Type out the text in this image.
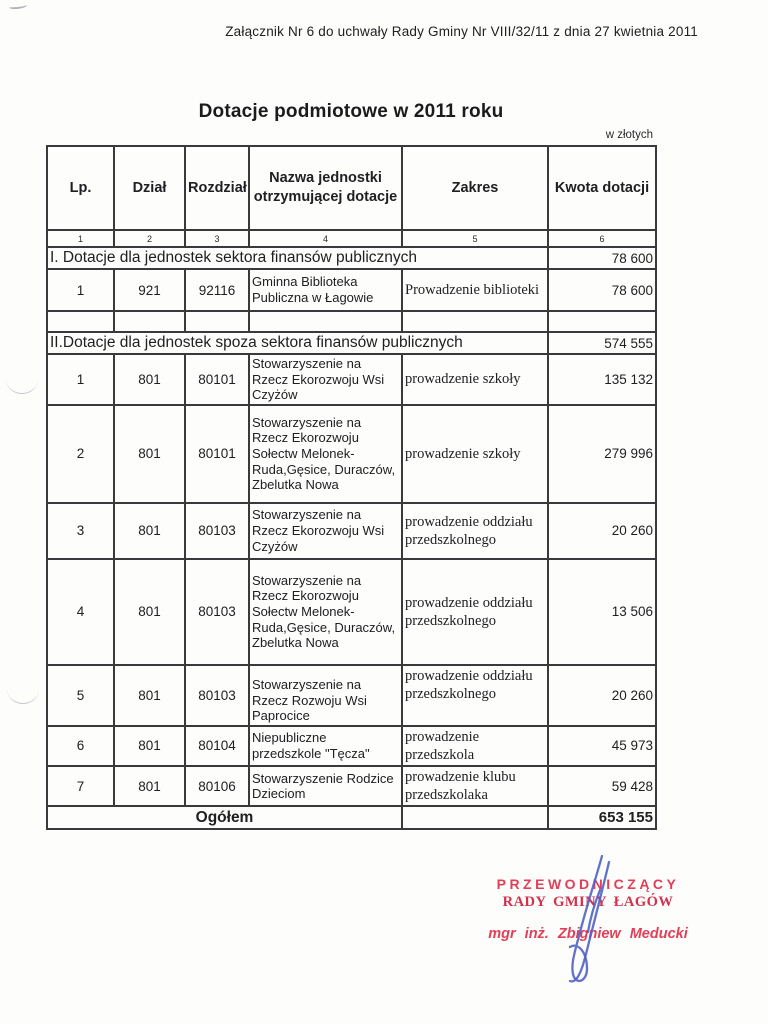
Załącznik Nr 6 do uchwały Rady Gminy Nr VIII/32/11 z dnia 27 kwietnia 2011
Dotacje podmiotowe w 2011 roku
w złotych
Lp.	Dział	Rozdział	Nazwa jednostki otrzymującej dotacje	Zakres	Kwota dotacji
1	2	3	4	5	6
I. Dotacje dla jednostek sektora finansów publicznych					78 600
1	921	92116	Gminna Biblioteka Publiczna w Łagowie	Prowadzenie biblioteki	78 600

II.Dotacje dla jednostek spoza sektora finansów publicznych					574 555
1	801	80101	Stowarzyszenie na Rzecz Ekorozwoju Wsi Czyżów	prowadzenie szkoły	135 132
2	801	80101	Stowarzyszenie na Rzecz Ekorozwoju Sołectw Melonek-Ruda,Gęsice, Duraczów, Zbelutka Nowa	prowadzenie szkoły	279 996
3	801	80103	Stowarzyszenie na Rzecz Ekorozwoju Wsi Czyżów	prowadzenie oddziału przedszkolnego	20 260
4	801	80103	Stowarzyszenie na Rzecz Ekorozwoju Sołectw Melonek-Ruda,Gęsice, Duraczów, Zbelutka Nowa	prowadzenie oddziału przedszkolnego	13 506
5	801	80103	Stowarzyszenie na Rzecz Rozwoju Wsi Paprocice	prowadzenie oddziału przedszkolnego	20 260
6	801	80104	Niepubliczne przedszkole "Tęcza"	prowadzenie przedszkola	45 973
7	801	80106	Stowarzyszenie Rodzice Dzieciom	prowadzenie klubu przedszkolaka	59 428
Ogółem					653 155
PRZEWODNICZĄCY
RADY GMINY ŁAGÓW
mgr inż. Zbigniew Meducki
